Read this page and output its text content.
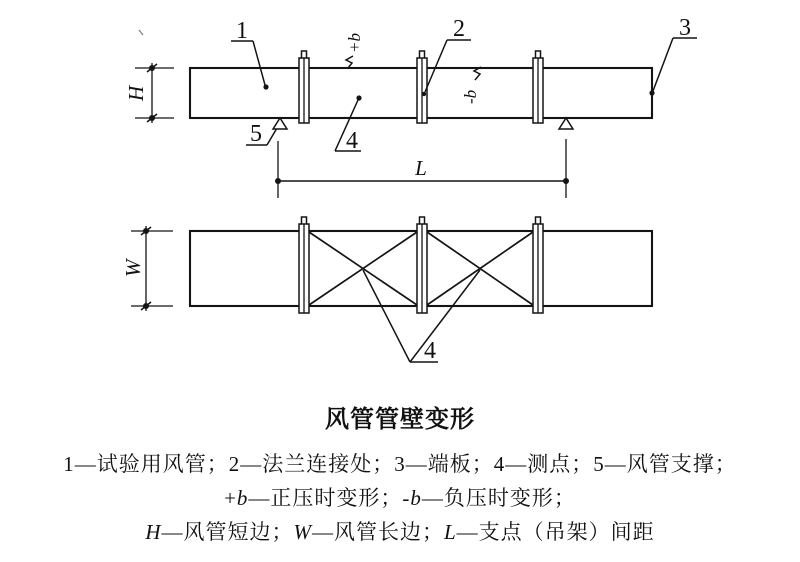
H
+b
-b
1	2	3
4
5
L
W
4
风管管壁变形
1—试验用风管；2—法兰连接处；3—端板；4—测点；5—风管支撑；
+b—正压时变形；-b—负压时变形；
H—风管短边；W—风管长边；L—支点（吊架）间距
